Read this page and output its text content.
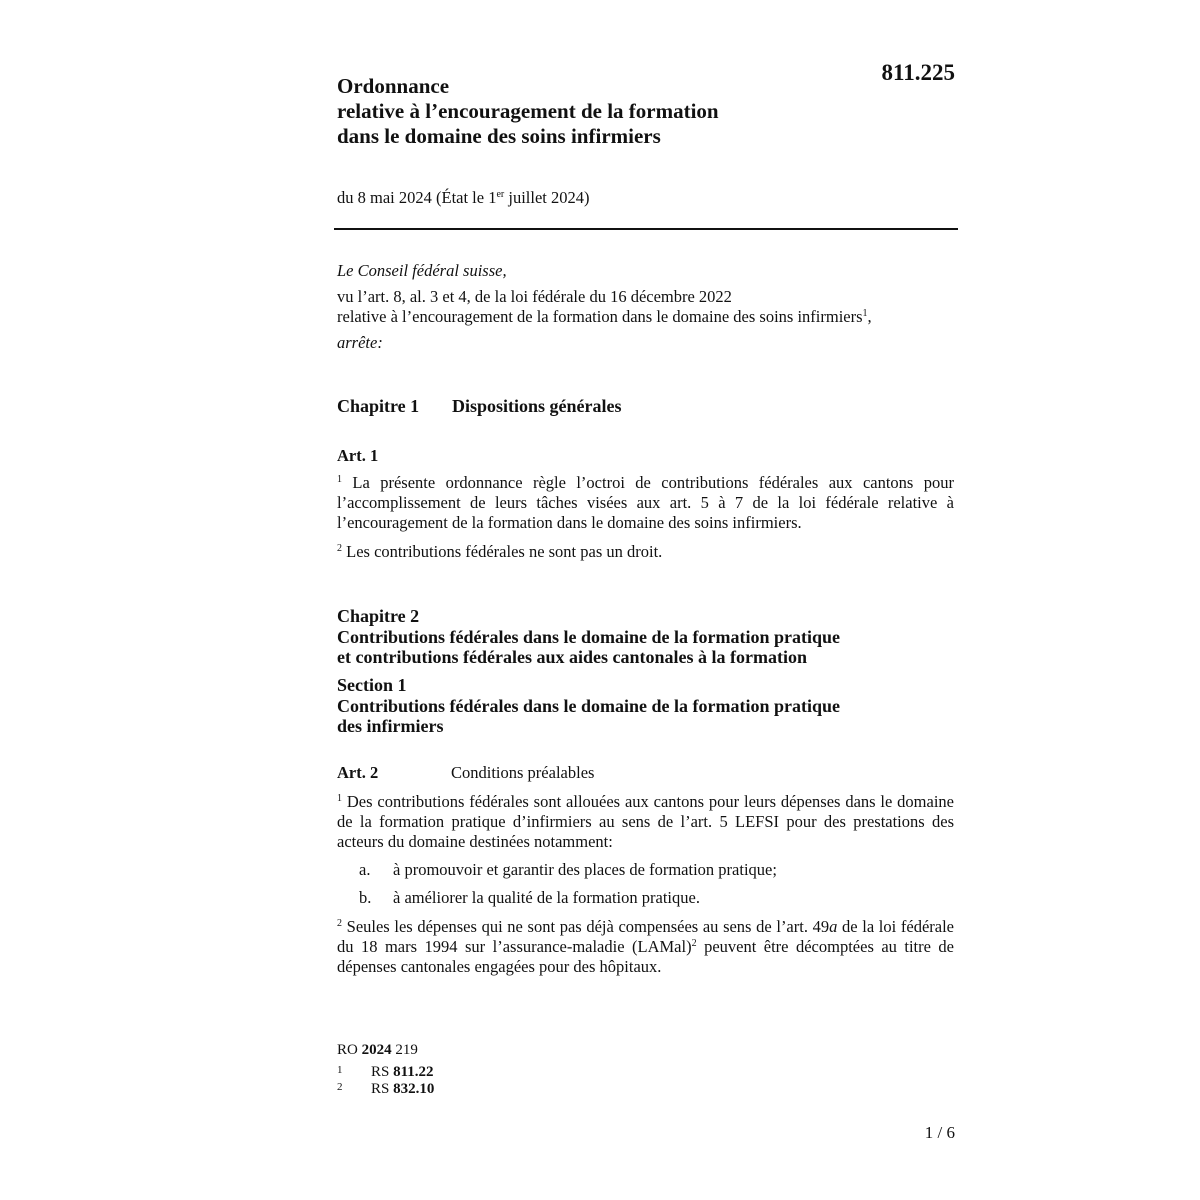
811.225
Ordonnance
relative à l’encouragement de la formation
dans le domaine des soins infirmiers
du 8 mai 2024 (État le 1er juillet 2024)
Le Conseil fédéral suisse,
vu l’art. 8, al. 3 et 4, de la loi fédérale du 16 décembre 2022
relative à l’encouragement de la formation dans le domaine des soins infirmiers$^1$,
arrête:
Chapitre 1 Dispositions générales
Art. 1
$^1$ La présente ordonnance règle l’octroi de contributions fédérales aux cantons pour l’accomplissement de leurs tâches visées aux art. 5 à 7 de la loi fédérale relative à l’encouragement de la formation dans le domaine des soins infirmiers.
$^2$ Les contributions fédérales ne sont pas un droit.
Chapitre 2
Contributions fédérales dans le domaine de la formation pratique
et contributions fédérales aux aides cantonales à la formation
Section 1
Contributions fédérales dans le domaine de la formation pratique
des infirmiers
Art. 2	Conditions préalables
$^1$ Des contributions fédérales sont allouées aux cantons pour leurs dépenses dans le domaine de la formation pratique d’infirmiers au sens de l’art. 5 LEFSI pour des prestations des acteurs du domaine destinées notamment:
a. à promouvoir et garantir des places de formation pratique;
b. à améliorer la qualité de la formation pratique.
$^2$ Seules les dépenses qui ne sont pas déjà compensées au sens de l’art. 49a de la loi fédérale du 18 mars 1994 sur l’assurance-maladie (LAMal)$^2$ peuvent être décomptées au titre de dépenses cantonales engagées pour des hôpitaux.
RO 2024 219
1 RS 811.22
2 RS 832.10
1 / 6
